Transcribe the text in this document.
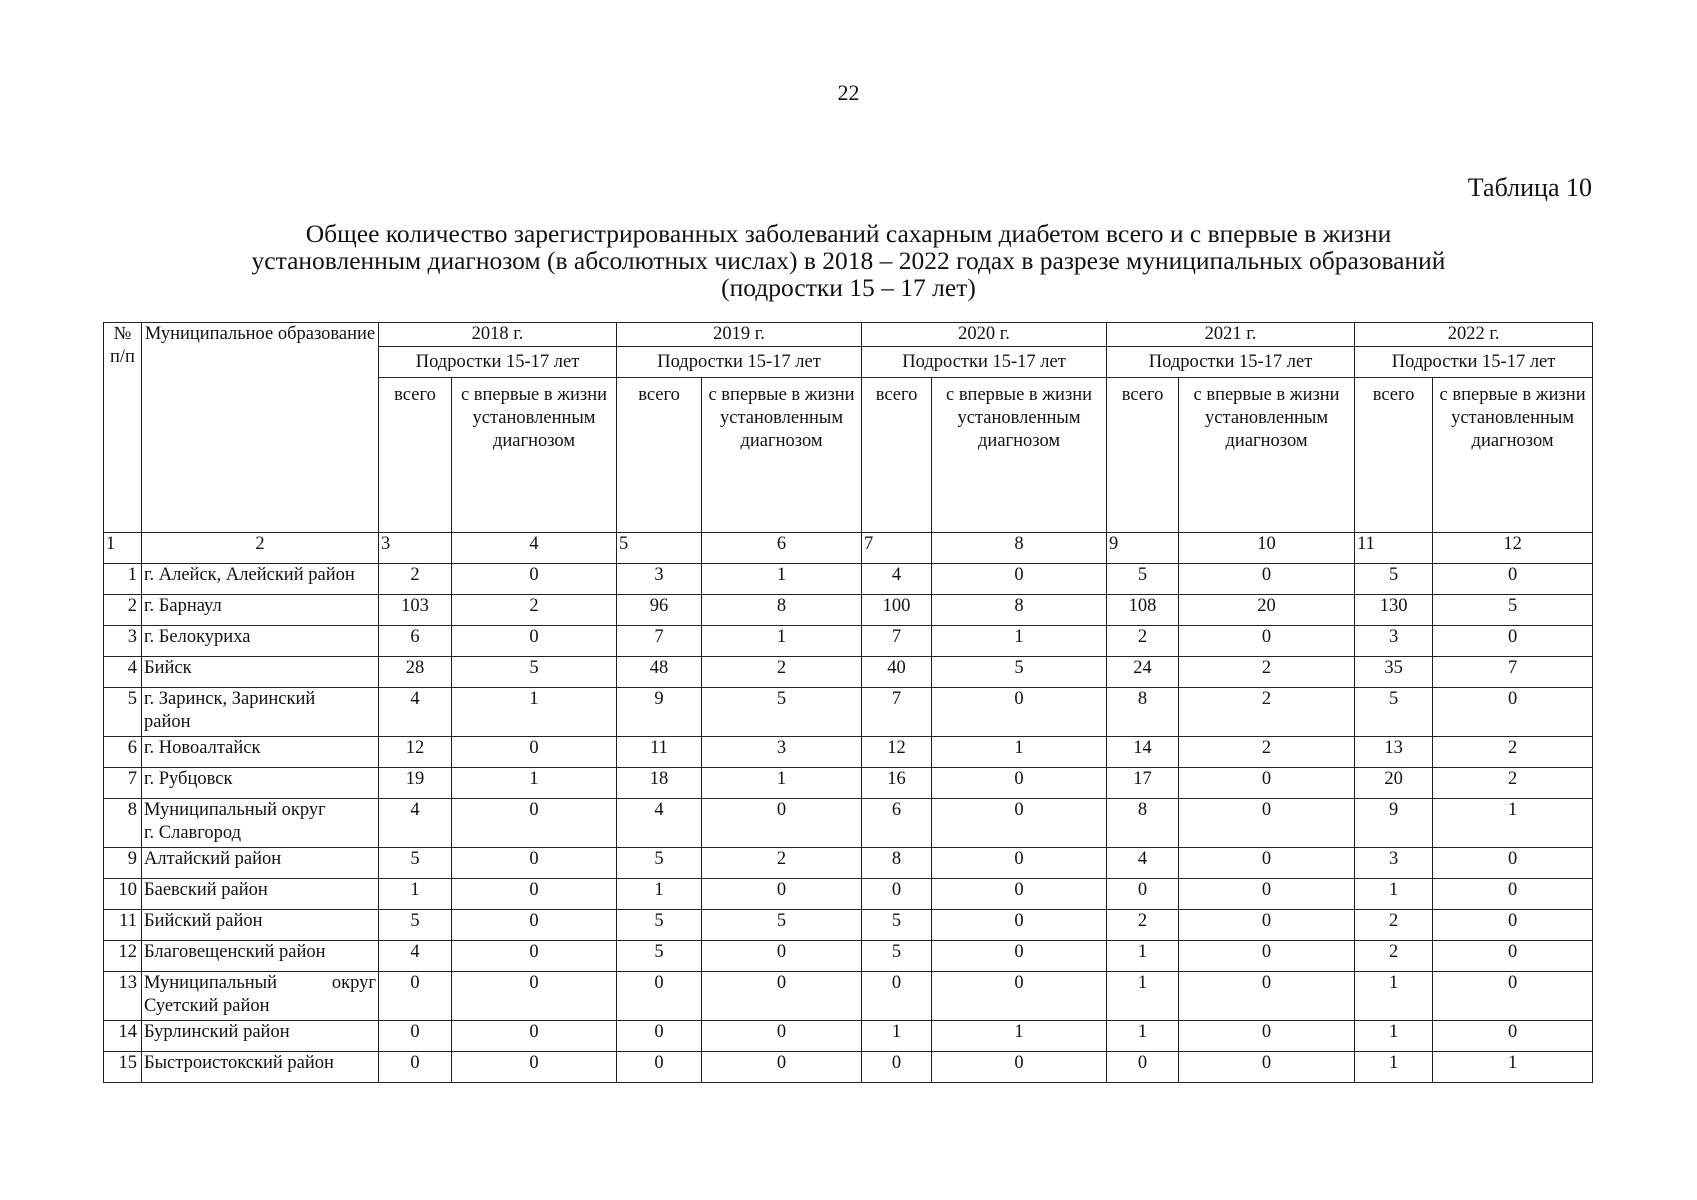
22
Таблица 10
Общее количество зарегистрированных заболеваний сахарным диабетом всего и с впервые в жизни
установленным диагнозом (в абсолютных числах) в 2018 – 2022 годах в разрезе муниципальных образований
(подростки 15 – 17 лет)
№ п/п	Муниципальное образование	2018 г.		2019 г.		2020 г.		2021 г.		2022 г.	
		Подростки 15-17 лет		Подростки 15-17 лет		Подростки 15-17 лет		Подростки 15-17 лет		Подростки 15-17 лет	
		всего	с впервые в жизни установленным диагнозом	всего	с впервые в жизни установленным диагнозом	всего	с впервые в жизни установленным диагнозом	всего	с впервые в жизни установленным диагнозом	всего	с впервые в жизни установленным диагнозом
1	2	3	4	5	6	7	8	9	10	11	12
1	г. Алейск, Алейский район	2	0	3	1	4	0	5	0	5	0
2	г. Барнаул	103	2	96	8	100	8	108	20	130	5
3	г. Белокуриха	6	0	7	1	7	1	2	0	3	0
4	Бийск	28	5	48	2	40	5	24	2	35	7
5	г. Заринск, Заринский
район	4	1	9	5	7	0	8	2	5	0
6	г. Новоалтайск	12	0	11	3	12	1	14	2	13	2
7	г. Рубцовск	19	1	18	1	16	0	17	0	20	2
8	Муниципальный округ
г. Славгород	4	0	4	0	6	0	8	0	9	1
9	Алтайский район	5	0	5	2	8	0	4	0	3	0
10	Баевский район	1	0	1	0	0	0	0	0	1	0
11	Бийский район	5	0	5	5	5	0	2	0	2	0
12	Благовещенский район	4	0	5	0	5	0	1	0	2	0
13	Муниципальный округ
Суетский район	0	0	0	0	0	0	1	0	1	0
14	Бурлинский район	0	0	0	0	1	1	1	0	1	0
15	Быстроистокский район	0	0	0	0	0	0	0	0	1	1
